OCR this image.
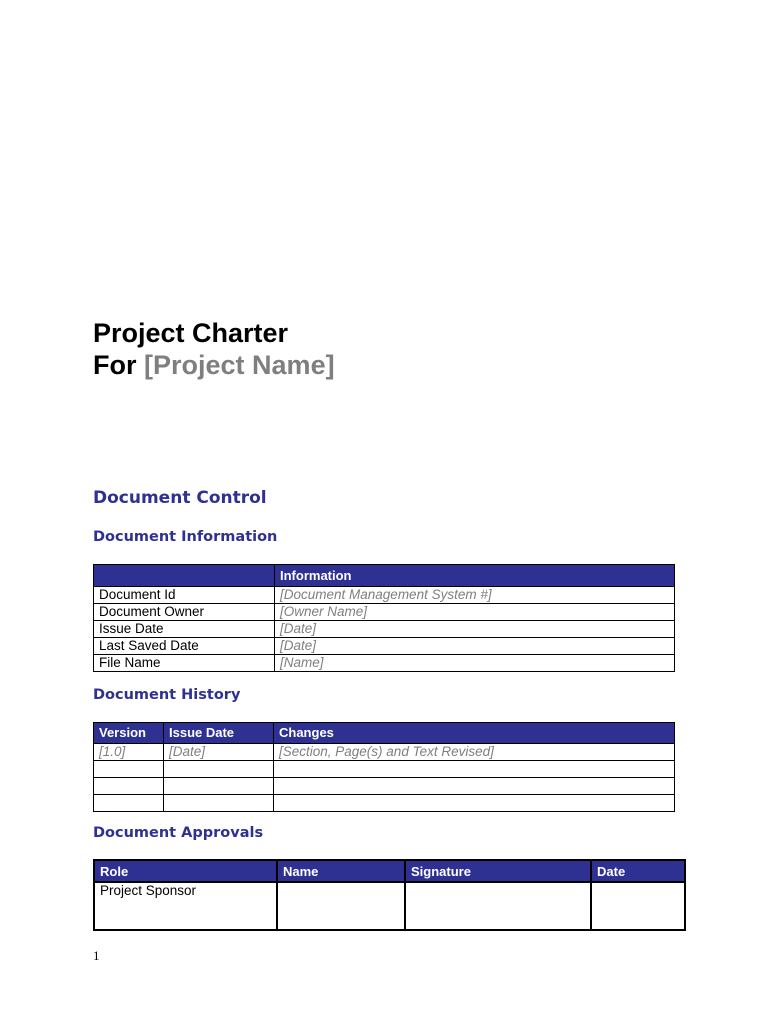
Project Charter

For [Project Name]

Document Control
Document Information
	Information
Document Id	[Document Management System #]
Document Owner	[Owner Name]
Issue Date	[Date]
Last Saved Date	[Date]
File Name	[Name]
Document History
Version	Issue Date	Changes
[1.0]	[Date]	[Section, Page(s) and Text Revised]

Document Approvals
Role	Name	Signature	Date
Project Sponsor			
1
